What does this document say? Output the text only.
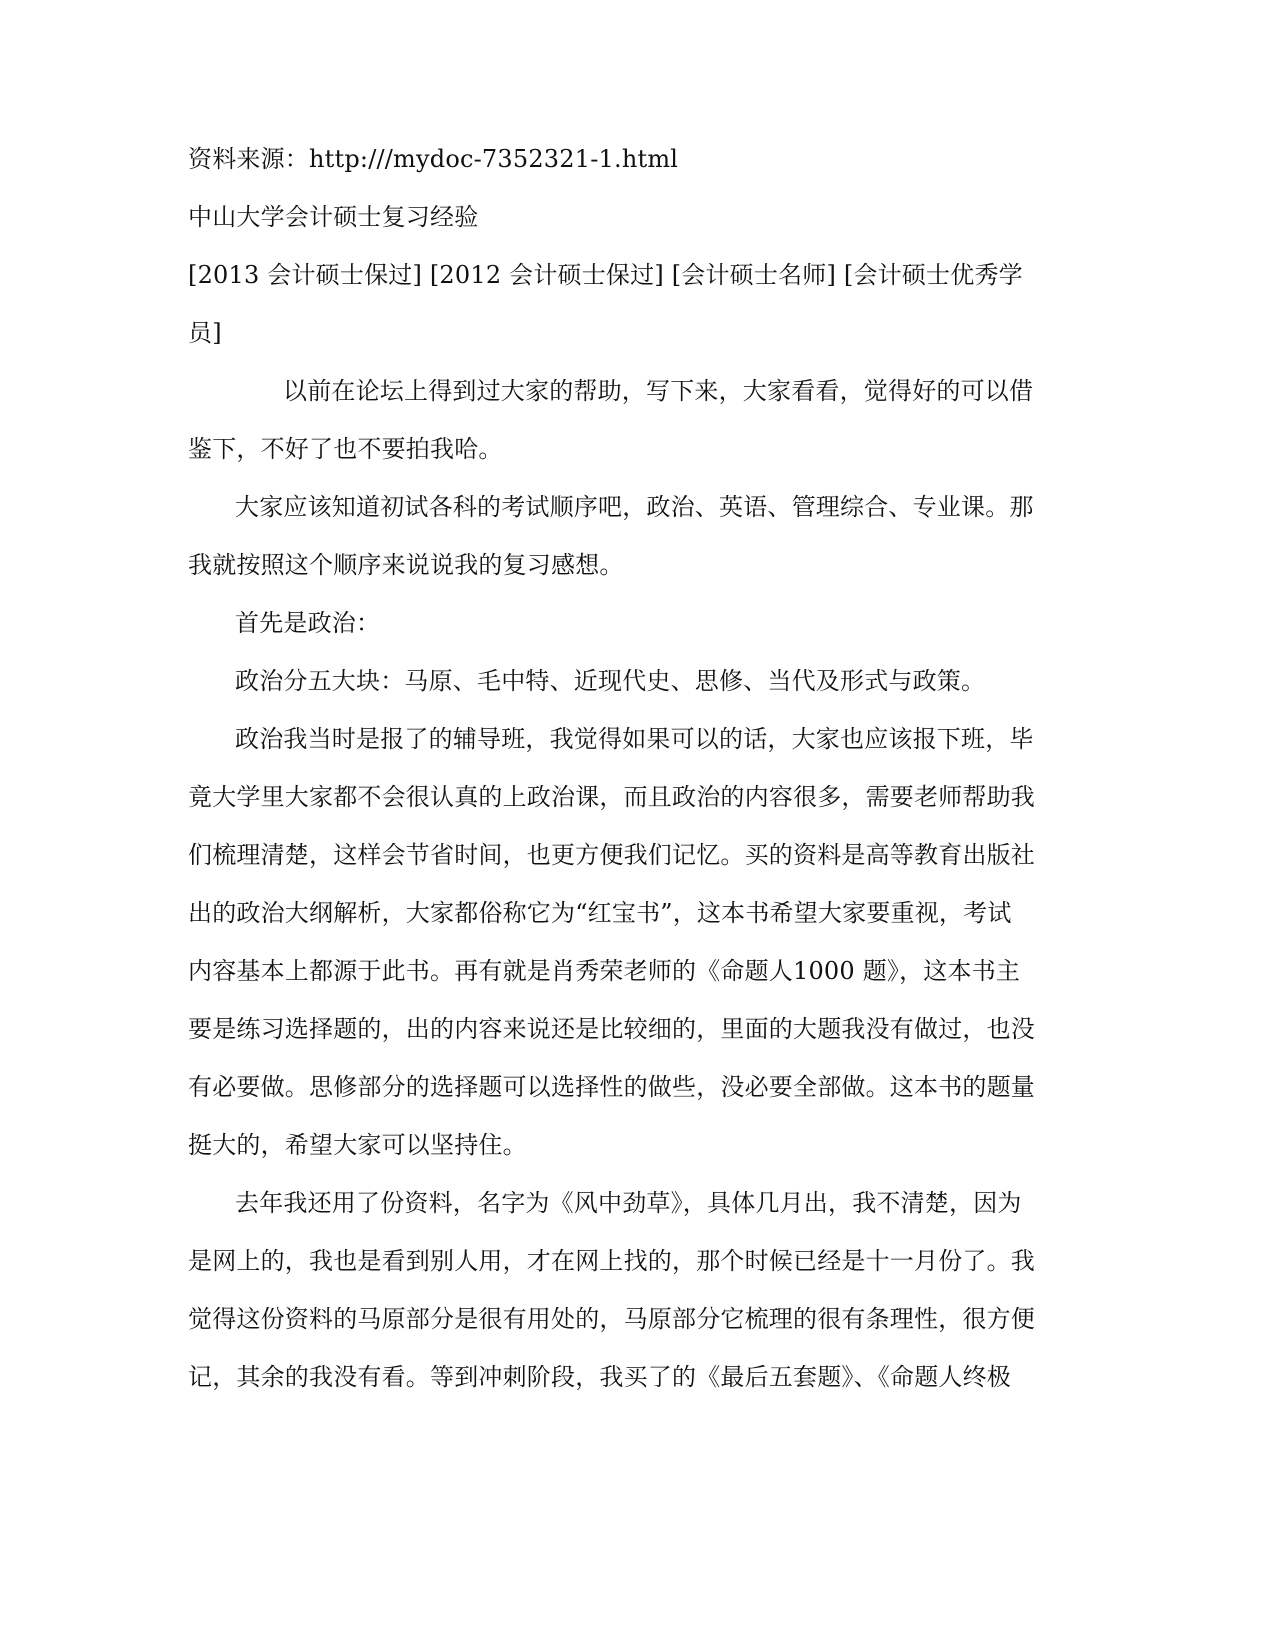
资料来源：http:///mydoc-7352321-1.html
中山大学会计硕士复习经验
[2013 会计硕士保过] [2012 会计硕士保过] [会计硕士名师] [会计硕士优秀学
员]
以前在论坛上得到过大家的帮助，写下来，大家看看，觉得好的可以借
鉴下，不好了也不要拍我哈。
大家应该知道初试各科的考试顺序吧，政治、英语、管理综合、专业课。那
我就按照这个顺序来说说我的复习感想。
首先是政治：
政治分五大块：马原、毛中特、近现代史、思修、当代及形式与政策。
政治我当时是报了的辅导班，我觉得如果可以的话，大家也应该报下班，毕
竟大学里大家都不会很认真的上政治课，而且政治的内容很多，需要老师帮助我
们梳理清楚，这样会节省时间，也更方便我们记忆。买的资料是高等教育出版社
出的政治大纲解析，大家都俗称它为“红宝书”，这本书希望大家要重视，考试
内容基本上都源于此书。再有就是肖秀荣老师的《命题人1000 题》，这本书主
要是练习选择题的，出的内容来说还是比较细的，里面的大题我没有做过，也没
有必要做。思修部分的选择题可以选择性的做些，没必要全部做。这本书的题量
挺大的，希望大家可以坚持住。
去年我还用了份资料，名字为《风中劲草》，具体几月出，我不清楚，因为
是网上的，我也是看到别人用，才在网上找的，那个时候已经是十一月份了。我
觉得这份资料的马原部分是很有用处的，马原部分它梳理的很有条理性，很方便
记，其余的我没有看。等到冲刺阶段，我买了的《最后五套题》、《命题人终极
